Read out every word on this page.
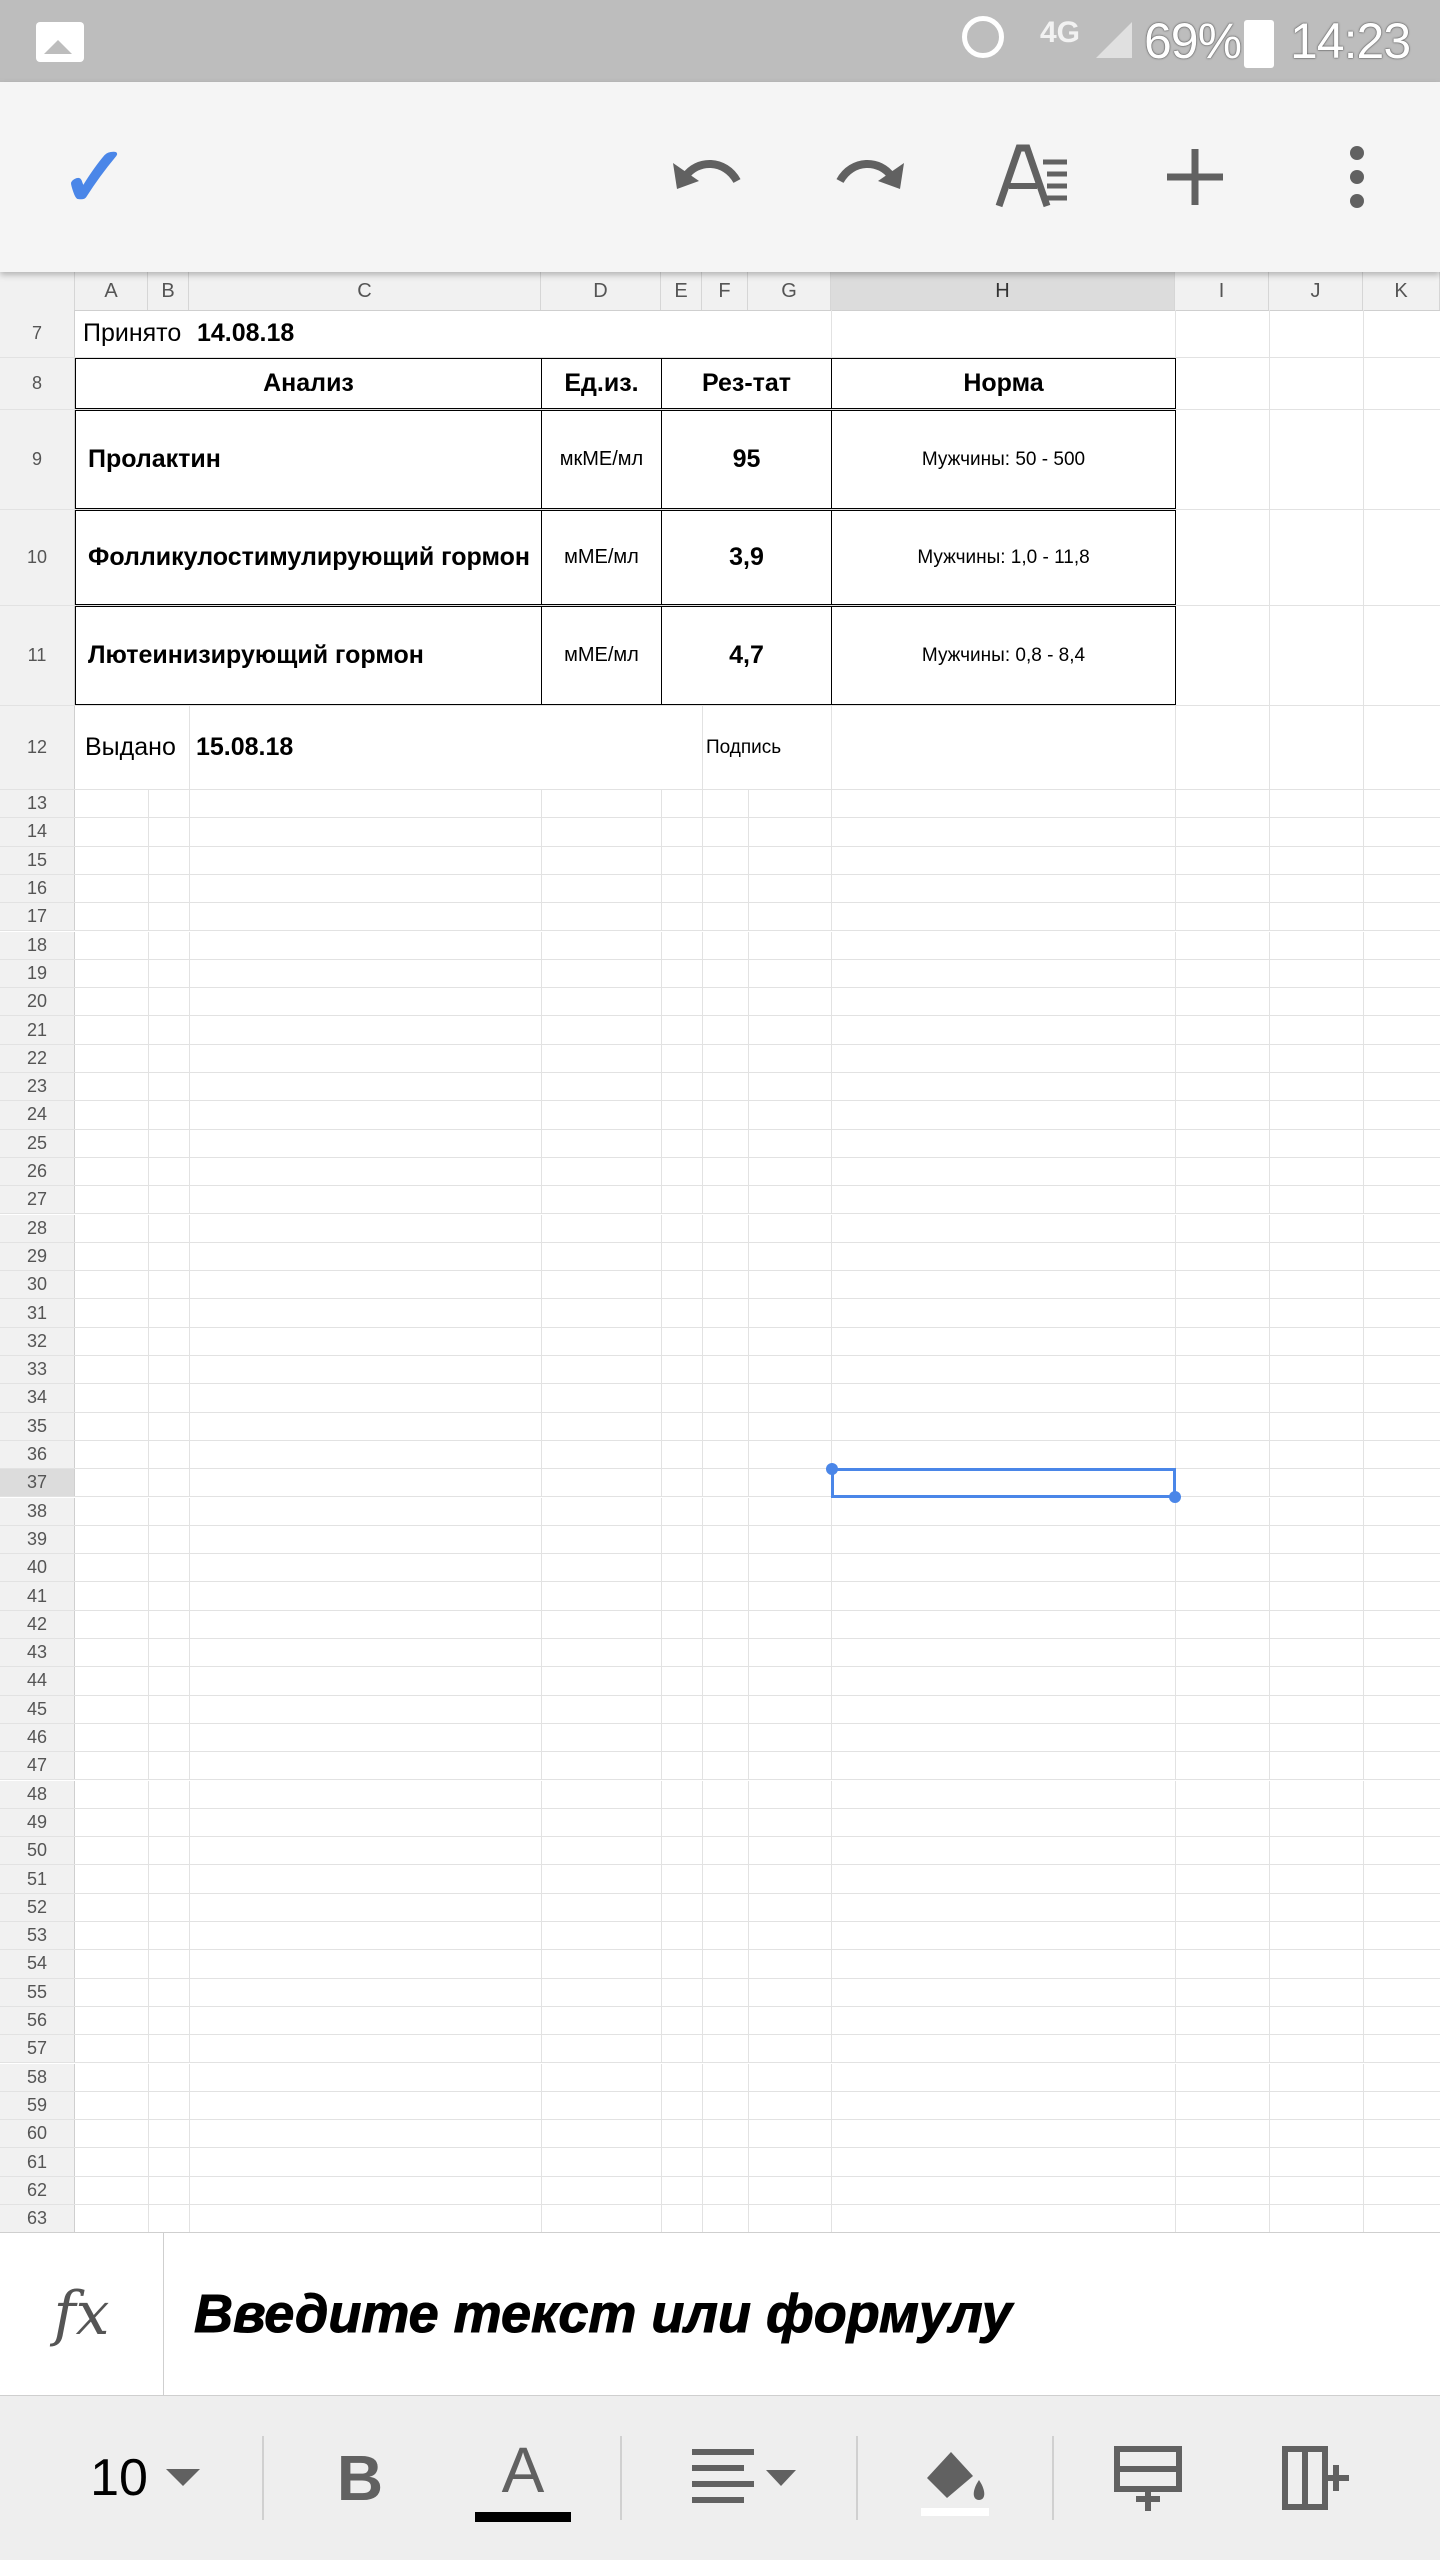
4G 69% 14:23
✓
A	B	C	D	E	F	G	H	I	J	K
7	Принято 14.08.18
8	Анализ	Ед.из.	Рез-тат	Норма
9	Пролактин	мкМЕ/мл	95	Мужчины: 50 - 500
10	Фолликулостимулирующий гормон	мМЕ/мл	3,9	Мужчины: 1,0 - 11,8
11	Лютеинизирующий гормон	мМЕ/мл	4,7	Мужчины: 0,8 - 8,4
12	Выдано 15.08.18	Подпись
13
14
15
16
17
18
19
20
21
22
23
24
25
26
27
28
29
30
31
32
33
34
35
36
37
38
39
40
41
42
43
44
45
46
47
48
49
50
51
52
53
54
55
56
57
58
59
60
61
62
63
fx	Введите текст или формулу
10	B A
